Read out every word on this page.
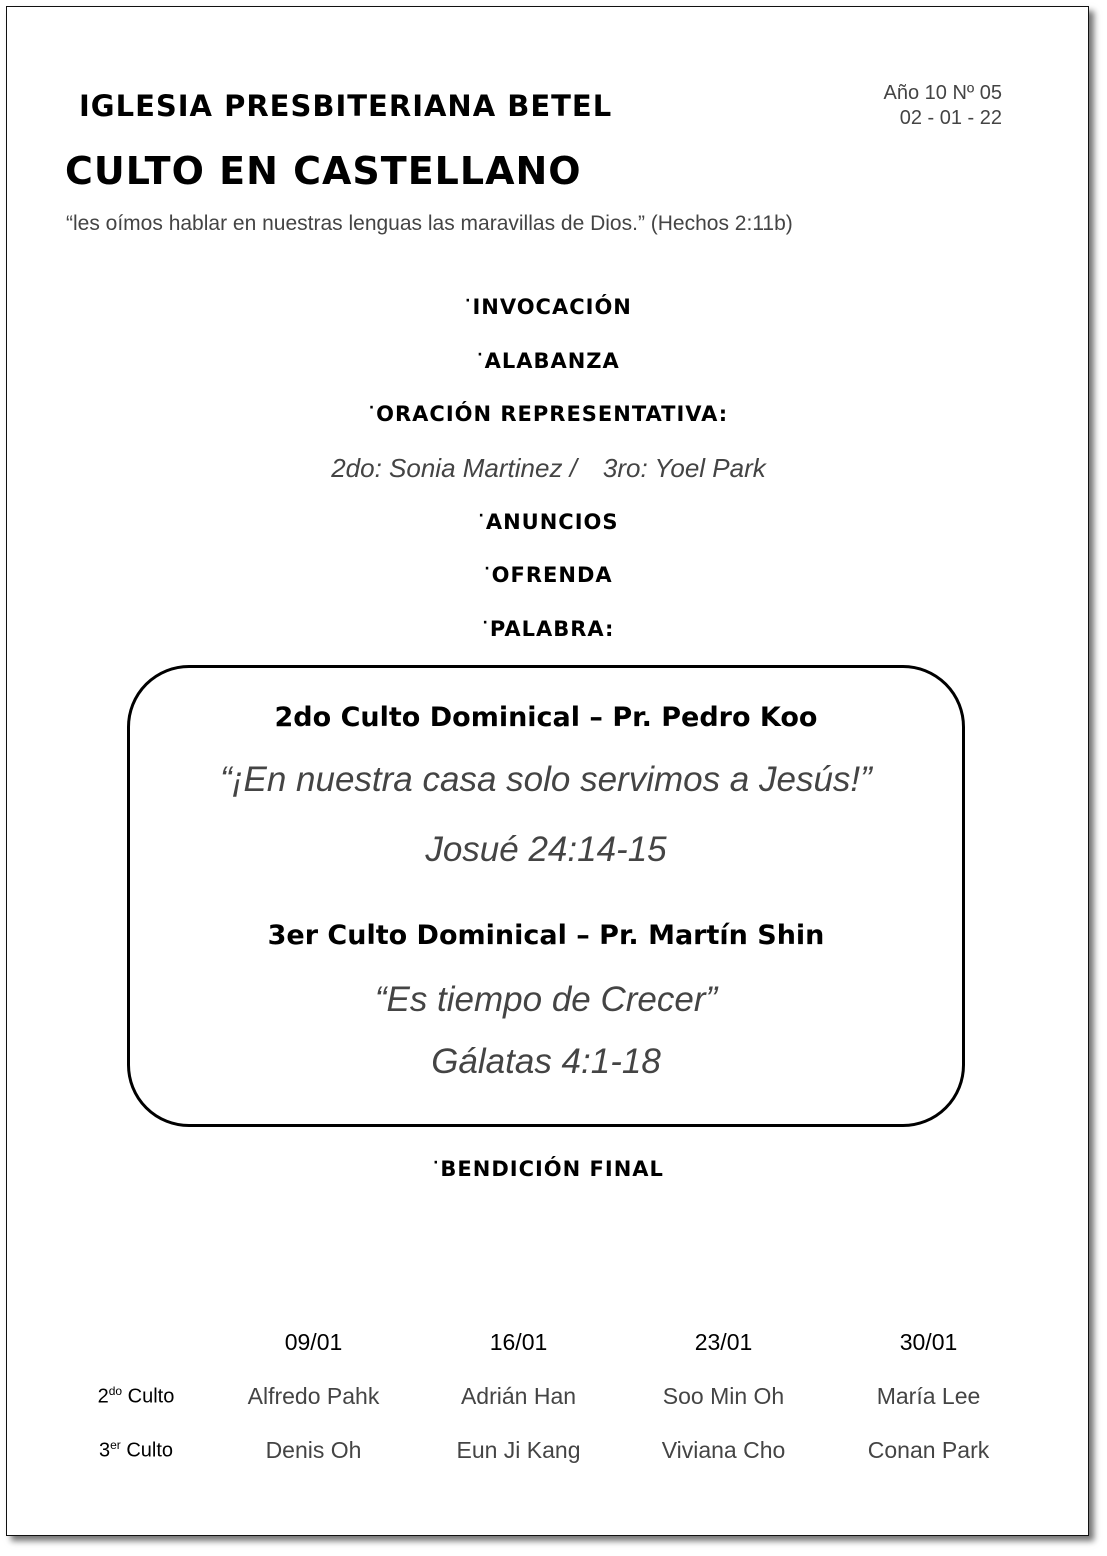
IGLESIA PRESBITERIANA BETEL
CULTO EN CASTELLANO
“les oímos hablar en nuestras lenguas las maravillas de Dios.” (Hechos 2:11b)
Año 10 Nº 05
02 - 01 - 22
·INVOCACIÓN
·ALABANZA
·ORACIÓN REPRESENTATIVA:
2do: Sonia Martinez / 3ro: Yoel Park
·ANUNCIOS
·OFRENDA
·PALABRA:
2do Culto Dominical – Pr. Pedro Koo
“¡En nuestra casa solo servimos a Jesús!”
Josué 24:14-15
3er Culto Dominical – Pr. Martín Shin
“Es tiempo de Crecer”
Gálatas 4:1-18
·BENDICIÓN FINAL
	09/01	16/01	23/01	30/01
$2^{do}$ Culto	Alfredo Pahk	Adrián Han	Soo Min Oh	María Lee
3er Culto	Denis Oh	Eun Ji Kang	Viviana Cho	Conan Park
